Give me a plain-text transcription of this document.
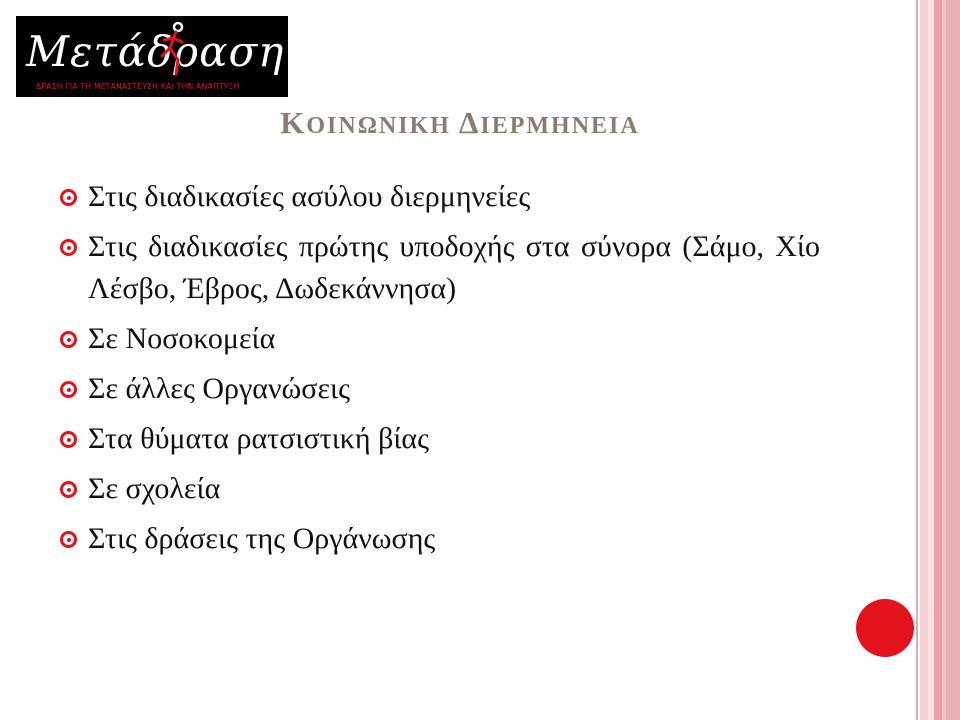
Μετάδραση

ΔΡΑΣΗ ΓΙΑ ΤΗ ΜΕΤΑΝΑΣΤΕΥΣΗ ΚΑΙ ΤΗΝ ΑΝΑΠΤΥΞΗ

ΚΟΙΝΩΝΙΚΗ ΔΙΕΡΜΗΝΕΙΑ
Στις διαδικασίες ασύλου διερμηνείες
Στις διαδικασίες πρώτης υποδοχής στα σύνορα (Σάμο, Χίο Λέσβο, Έβρος, Δωδεκάννησα)
Σε Νοσοκομεία
Σε άλλες Οργανώσεις
Στα θύματα ρατσιστική βίας
Σε σχολεία
Στις δράσεις της Οργάνωσης
